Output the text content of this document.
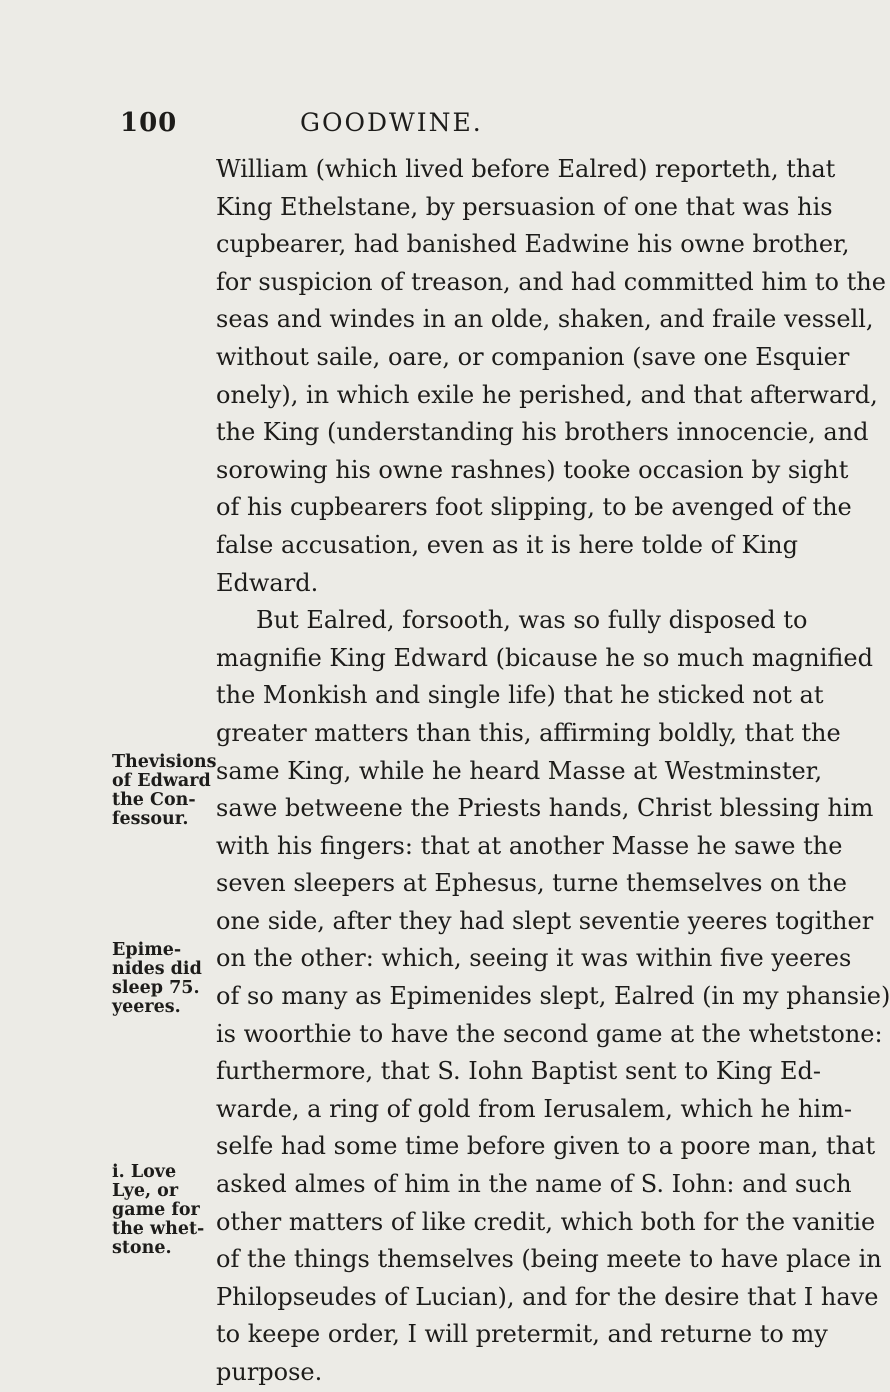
100	GOODWINE.
William (which lived before Ealred) reporteth, that
King Ethelstane, by persuasion of one that was his
cupbearer, had banished Eadwine his owne brother,
for suspicion of treason, and had committed him to the
seas and windes in an olde, shaken, and fraile vessell,
without saile, oare, or companion (save one Esquier
onely), in which exile he perished, and that afterward,
the King (understanding his brothers innocencie, and
sorowing his owne rashnes) tooke occasion by sight
of his cupbearers foot slipping, to be avenged of the
false accusation, even as it is here tolde of King
Edward.
But Ealred, forsooth, was so fully disposed to
magnifie King Edward (bicause he so much magnified
the Monkish and single life) that he sticked not at
greater matters than this, affirming boldly, that the
same King, while he heard Masse at Westminster,
sawe betweene the Priests hands, Christ blessing him
with his fingers: that at another Masse he sawe the
seven sleepers at Ephesus, turne themselves on the
one side, after they had slept seventie yeeres togither
on the other: which, seeing it was within five yeeres
of so many as Epimenides slept, Ealred (in my phansie)
is woorthie to have the second game at the whetstone:
furthermore, that S. Iohn Baptist sent to King Ed-
warde, a ring of gold from Ierusalem, which he him-
selfe had some time before given to a poore man, that
asked almes of him in the name of S. Iohn: and such
other matters of like credit, which both for the vanitie
of the things themselves (being meete to have place in
Philopseudes of Lucian), and for the desire that I have
to keepe order, I will pretermit, and returne to my
purpose.
Thevisions
of Edward
the Con-
fessour.
Epime-
nides did
sleep 75.
yeeres.
i. Love
Lye, or
game for
the whet-
stone.
